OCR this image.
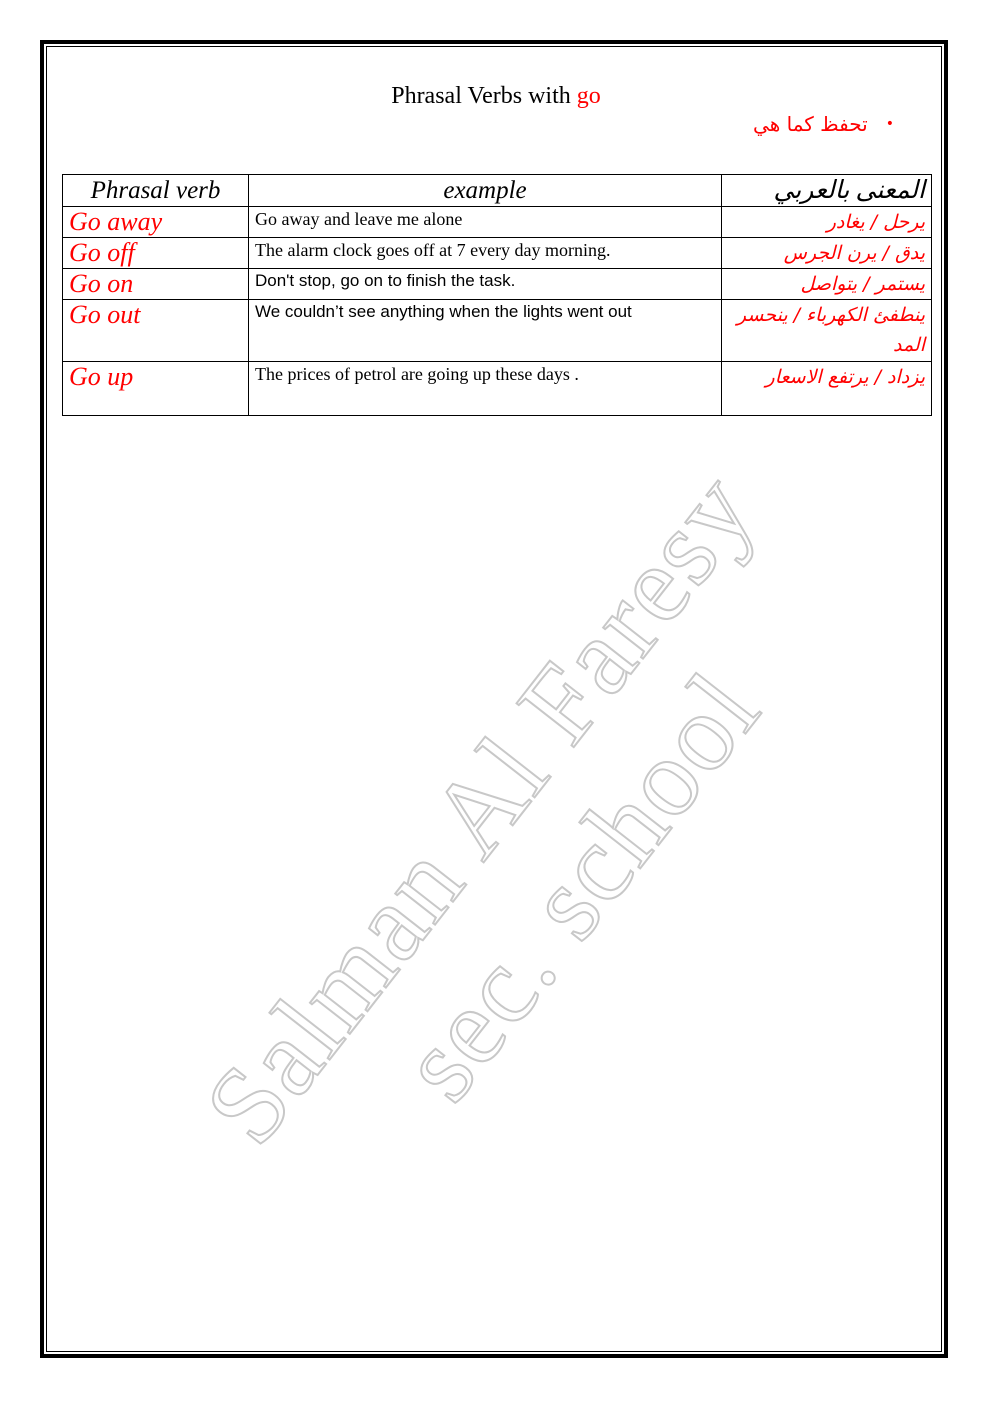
Salman Al Faresy sec. school
Phrasal Verbs with go
•
تحفظ كما هي
Phrasal verb	example	المعنى بالعربي
Go away	Go away and leave me alone	يرحل / يغادر
Go off	The alarm clock goes off at 7 every day morning.	يدق / يرن الجرس
Go on	Don't stop, go on to finish the task.	يستمر / يتواصل
Go out	We couldn’t see anything when the lights went out	ينطفئ الكهرباء / ينحسر المد
Go up	The prices of petrol are going up these days .	يزداد / يرتفع الاسعار
